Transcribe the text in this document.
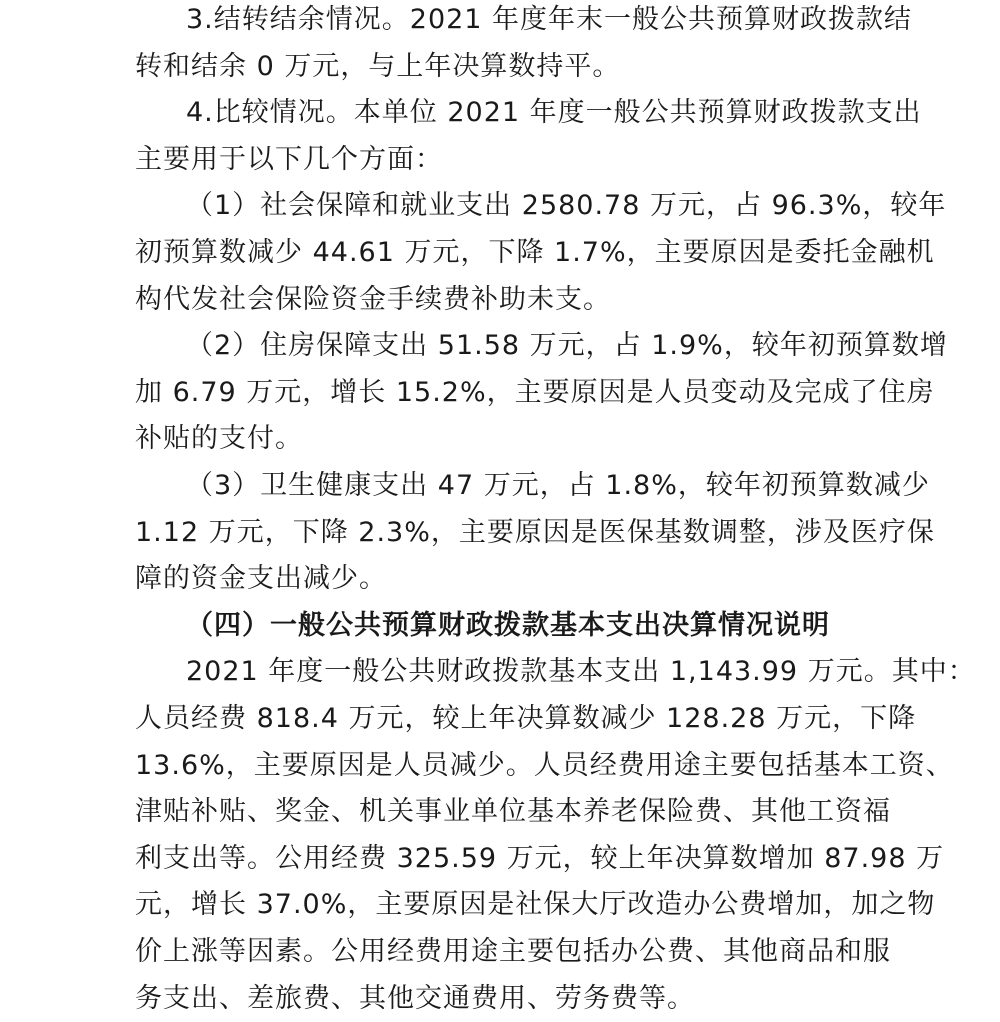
3.结转结余情况。2021 年度年末一般公共预算财政拨款结
转和结余 0 万元，与上年决算数持平。
4.比较情况。本单位 2021 年度一般公共预算财政拨款支出
主要用于以下几个方面：
（1）社会保障和就业支出 2580.78 万元，占 96.3%，较年
初预算数减少 44.61 万元，下降 1.7%，主要原因是委托金融机
构代发社会保险资金手续费补助未支。
（2）住房保障支出 51.58 万元，占 1.9%，较年初预算数增
加 6.79 万元，增长 15.2%，主要原因是人员变动及完成了住房
补贴的支付。
（3）卫生健康支出 47 万元，占 1.8%，较年初预算数减少
1.12 万元，下降 2.3%，主要原因是医保基数调整，涉及医疗保
障的资金支出减少。
（四）一般公共预算财政拨款基本支出决算情况说明
2021 年度一般公共财政拨款基本支出 1,143.99 万元。其中：
人员经费 818.4 万元，较上年决算数减少 128.28 万元，下降
13.6%，主要原因是人员减少。人员经费用途主要包括基本工资、
津贴补贴、奖金、机关事业单位基本养老保险费、其他工资福
利支出等。公用经费 325.59 万元，较上年决算数增加 87.98 万
元，增长 37.0%，主要原因是社保大厅改造办公费增加，加之物
价上涨等因素。公用经费用途主要包括办公费、其他商品和服
务支出、差旅费、其他交通费用、劳务费等。
